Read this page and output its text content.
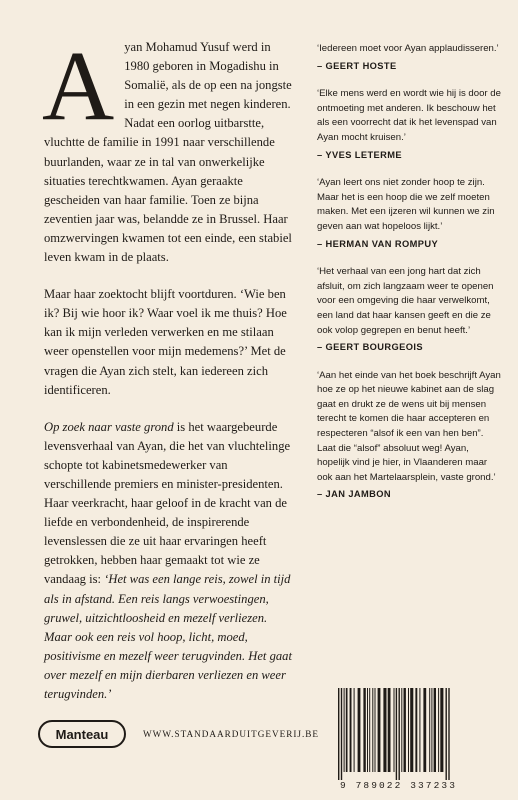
Ayan Mohamud Yusuf werd in 1980 geboren in Mogadishu in Somalië, als de op een na jongste in een gezin met negen kinderen. Nadat een oorlog uitbarstte, vluchtte de familie in 1991 naar verschillende buurlanden, waar ze in tal van onwerkelijke situaties terechtkwamen. Ayan geraakte gescheiden van haar familie. Toen ze bijna zeventien jaar was, belandde ze in Brussel. Haar omzwervingen kwamen tot een einde, een stabiel leven kwam in de plaats.

Maar haar zoektocht blijft voortduren. ‘Wie ben ik? Bij wie hoor ik? Waar voel ik me thuis? Hoe kan ik mijn verleden verwerken en me stilaan weer openstellen voor mijn medemens?’ Met de vragen die Ayan zich stelt, kan iedereen zich identificeren.

Op zoek naar vaste grond is het waargebeurde levensverhaal van Ayan, die het van vluchtelinge schopte tot kabinetsmedewerker van verschillende premiers en minister-presidenten. Haar veerkracht, haar geloof in de kracht van de liefde en verbondenheid, de inspirerende levenslessen die ze uit haar ervaringen heeft getrokken, hebben haar gemaakt tot wie ze vandaag is: ‘Het was een lange reis, zowel in tijd als in afstand. Een reis langs verwoestingen, gruwel, uitzichtloosheid en mezelf verliezen. Maar ook een reis vol hoop, licht, moed, positivisme en mezelf weer terugvinden. Het gaat over mezelf en mijn dierbaren verliezen en weer terugvinden.’

‘Iedereen moet voor Ayan applaudisseren.’
– GEERT HOSTE
‘Elke mens werd en wordt wie hij is door de ontmoeting met anderen. Ik beschouw het als een voorrecht dat ik het levenspad van Ayan mocht kruisen.’
– YVES LETERME
‘Ayan leert ons niet zonder hoop te zijn. Maar het is een hoop die we zelf moeten maken. Met een ijzeren wil kunnen we zin geven aan wat hopeloos lijkt.’
– HERMAN VAN ROMPUY
‘Het verhaal van een jong hart dat zich afsluit, om zich langzaam weer te openen voor een omgeving die haar verwelkomt, een land dat haar kansen geeft en die ze ook volop gegrepen en benut heeft.’
– GEERT BOURGEOIS
‘Aan het einde van het boek beschrijft Ayan hoe ze op het nieuwe kabinet aan de slag gaat en drukt ze de wens uit bij mensen terecht te komen die haar accepteren en respecteren “alsof ik een van hen ben”. Laat die “alsof” absoluut weg! Ayan, hopelijk vind je hier, in Vlaanderen maar ook aan het Martelaarsplein, vaste grond.’
– JAN JAMBON
Manteau	WWW.STANDAARDUITGEVERIJ.BE
9 789022 337233
